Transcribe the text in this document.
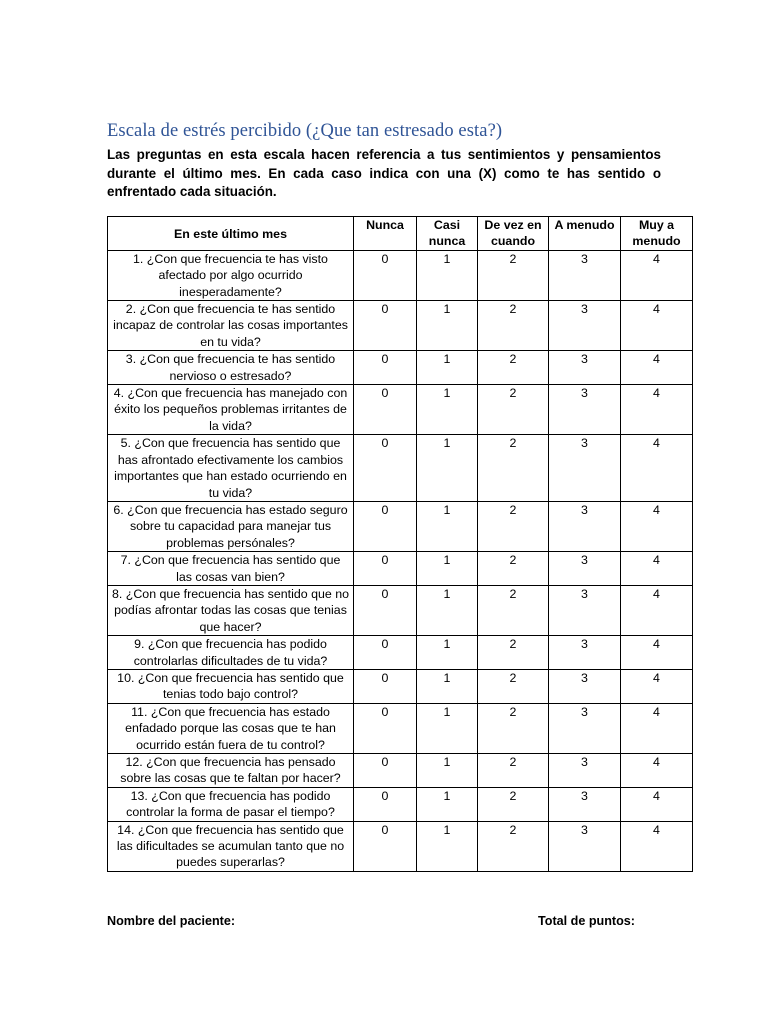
Escala de estrés percibido (¿Que tan estresado esta?)

Las preguntas en esta escala hacen referencia a tus sentimientos y pensamientos durante el último mes. En cada caso indica con una (X) como te has sentido o enfrentado cada situación.

En este último mes	Nunca	Casi nunca	De vez en cuando	A menudo	Muy a menudo
1. ¿Con que frecuencia te has visto afectado por algo ocurrido inesperadamente?	0	1	2	3	4
2. ¿Con que frecuencia te has sentido incapaz de controlar las cosas importantes en tu vida?	0	1	2	3	4
3. ¿Con que frecuencia te has sentido nervioso o estresado?	0	1	2	3	4
4. ¿Con que frecuencia has manejado con éxito los pequeños problemas irritantes de la vida?	0	1	2	3	4
5. ¿Con que frecuencia has sentido que has afrontado efectivamente los cambios importantes que han estado ocurriendo en tu vida?	0	1	2	3	4
6. ¿Con que frecuencia has estado seguro sobre tu capacidad para manejar tus problemas persónales?	0	1	2	3	4
7. ¿Con que frecuencia has sentido que las cosas van bien?	0	1	2	3	4
8. ¿Con que frecuencia has sentido que no podías afrontar todas las cosas que tenias que hacer?	0	1	2	3	4
9. ¿Con que frecuencia has podido controlarlas dificultades de tu vida?	0	1	2	3	4
10. ¿Con que frecuencia has sentido que tenias todo bajo control?	0	1	2	3	4
11. ¿Con que frecuencia has estado enfadado porque las cosas que te han ocurrido están fuera de tu control?	0	1	2	3	4
12. ¿Con que frecuencia has pensado sobre las cosas que te faltan por hacer?	0	1	2	3	4
13. ¿Con que frecuencia has podido controlar la forma de pasar el tiempo?	0	1	2	3	4
14. ¿Con que frecuencia has sentido que las dificultades se acumulan tanto que no puedes superarlas?	0	1	2	3	4
Nombre del paciente:	Total de puntos:
